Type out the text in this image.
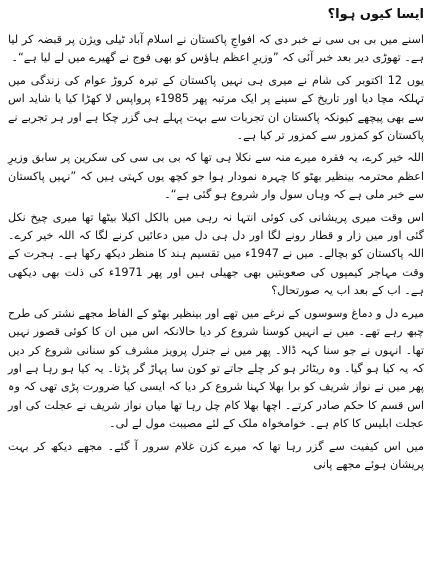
ایسا کیوں ہوا؟

اسنے میں بی بی سی نے خبر دی کہ افواجِ پاکستان نے اسلام آباد ٹیلی ویژن پر قبضہ کر لیا ہے۔ تھوڑی دیر بعد خبر آئی کہ ”وزیرِ اعظم ہاؤس کو بھی فوج نے گھیرے میں لے لیا ہے“۔

یوں 12 اکتوبر کی شام نے میری ہی نہیں پاکستان کے تیرہ کروڑ عوام کی زندگی میں تہلکہ مچا دیا اور تاریخ کے سینے پر ایک مرتبہ پھر 1985ء پرواپس لا کھڑا کیا یا شاید اس سے بھی پیچھے کیونکہ پاکستان ان تجربات سے بہت پہلے ہی گزر چکا ہے اور ہر تجربے نے پاکستان کو کمزور سے کمزور تر کیا ہے۔

اللہ خیر کرے، یہ فقرہ میرے منہ سے نکلا ہی تھا کہ بی بی سی کی سکرین پر سابق وزیرِ اعظم محترمہ بینظیر بھٹو کا چہرہ نمودار ہوا جو کچھ یوں کہتی ہیں کہ ”نہیں پاکستان سے خبر ملی ہے کہ وہاں سول وار شروع ہو گئی ہے“۔

اس وقت میری پریشانی کی کوئی انتہا نہ رہی میں بالکل اکیلا بیٹھا تھا میری چیخ نکل گئی اور میں زار و قطار رونے لگا اور دل ہی دل میں دعائیں کرنے لگا کہ اللہ خیر کرے۔ اللہ پاکستان کو بچالے۔ میں نے 1947ء میں تقسیم ہند کا منظر دیکھ رکھا ہے۔ ہجرت کے وقت مہاجر کیمپوں کی صعوبتیں بھی جھیلی ہیں اور پھر 1971ء کی ذلت بھی دیکھی ہے۔ اب کے بعد اب یہ صورتحال؟

میرے دل و دماغ وسوسوں کے نرغے میں تھے اور بینظیر بھٹو کے الفاظ مجھے نشتر کی طرح چبھ رہے تھے۔ میں نے انہیں کوسنا شروع کر دیا حالانکہ اس میں ان کا کوئی قصور نہیں تھا۔ انہوں نے جو سنا کہہ ڈالا۔ پھر میں نے جنرل پرویز مشرف کو سنانی شروع کر دیں کہ یہ کیا ہو گیا۔ وہ ریٹائر ہو کر چلے جاتے تو کون سا پہاڑ گر پڑتا۔ یہ کیا ہو رہا ہے اور پھر میں نے نواز شریف کو برا بھلا کہنا شروع کر دیا کہ ایسی کیا ضرورت پڑی تھی کہ وہ اس قسم کا حکم صادر کرتے۔ اچھا بھلا کام چل رہا تھا میاں نواز شریف نے عجلت کی اور عجلت ابلیس کا کام ہے۔ خوامخواہ ملک کے لئے مصیبت مول لے لی۔

میں اس کیفیت سے گزر رہا تھا کہ میرے کزن غلام سرور آ گئے۔ مجھے دیکھ کر بہت پریشان ہوئے مجھے پانی
